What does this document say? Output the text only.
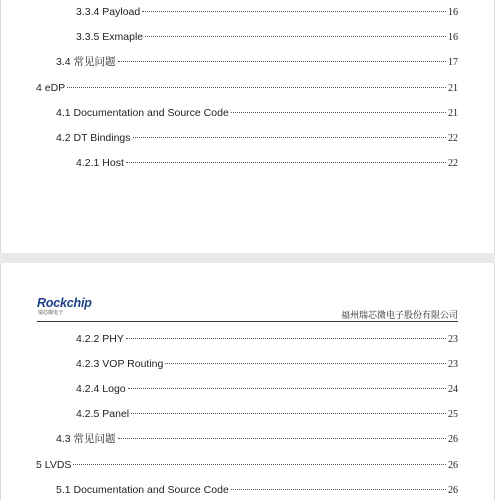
3.3.4 Payload	16
3.3.5 Exmaple	16
3.4 常见问题	17
4 eDP	21
4.1 Documentation and Source Code	21
4.2 DT Bindings	22
4.2.1 Host	22
Rockchip
瑞芯微电子	福州瑞芯微电子股份有限公司
4.2.2 PHY	23
4.2.3 VOP Routing	23
4.2.4 Logo	24
4.2.5 Panel	25
4.3 常见问题	26
5 LVDS	26
5.1 Documentation and Source Code	26
